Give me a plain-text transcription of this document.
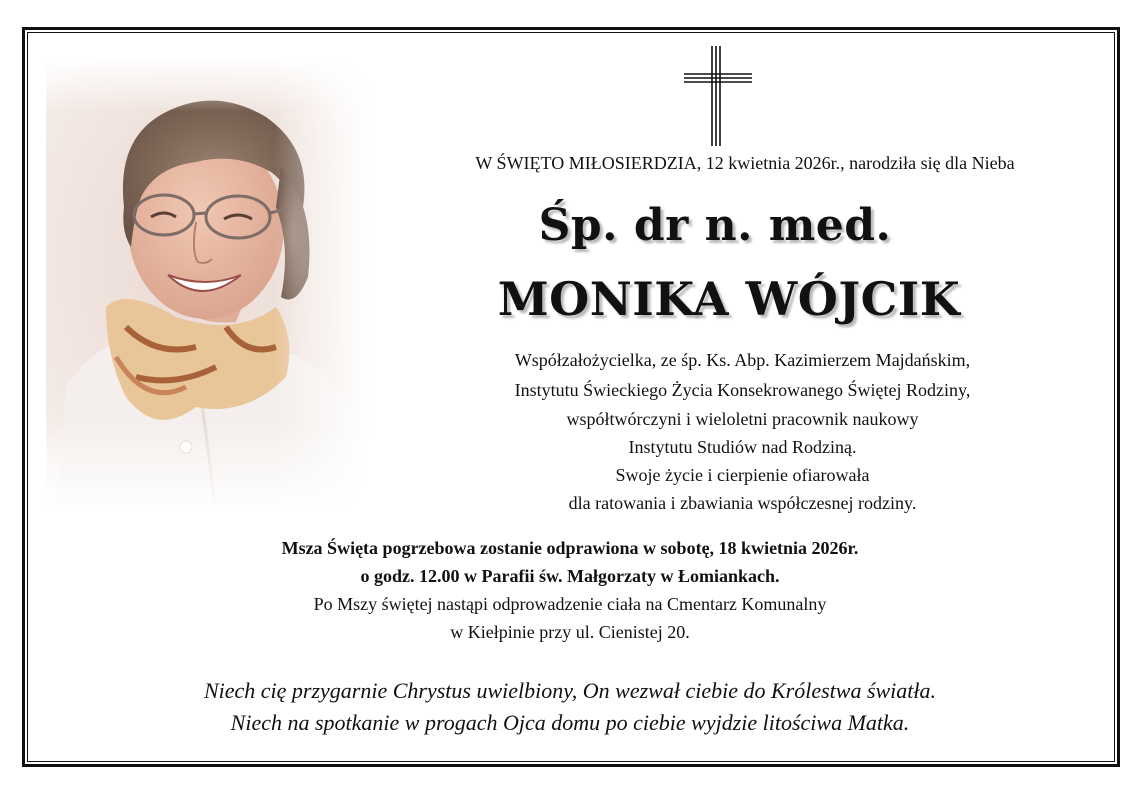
W ŚWIĘTO MIŁOSIERDZIA, 12 kwietnia 2026r., narodziła się dla Nieba
Śp. dr n. med.
MONIKA WÓJCIK
Współzałożycielka, ze śp. Ks. Abp. Kazimierzem Majdańskim,
Instytutu Świeckiego Życia Konsekrowanego Świętej Rodziny,
współtwórczyni i wieloletni pracownik naukowy
Instytutu Studiów nad Rodziną.
Swoje życie i cierpienie ofiarowała
dla ratowania i zbawiania współczesnej rodziny.
Msza Święta pogrzebowa zostanie odprawiona w sobotę, 18 kwietnia 2026r.
o godz. 12.00 w Parafii św. Małgorzaty w Łomiankach.
Po Mszy świętej nastąpi odprowadzenie ciała na Cmentarz Komunalny
w Kiełpinie przy ul. Cienistej 20.
Niech cię przygarnie Chrystus uwielbiony, On wezwał ciebie do Królestwa światła.
Niech na spotkanie w progach Ojca domu po ciebie wyjdzie litościwa Matka.
